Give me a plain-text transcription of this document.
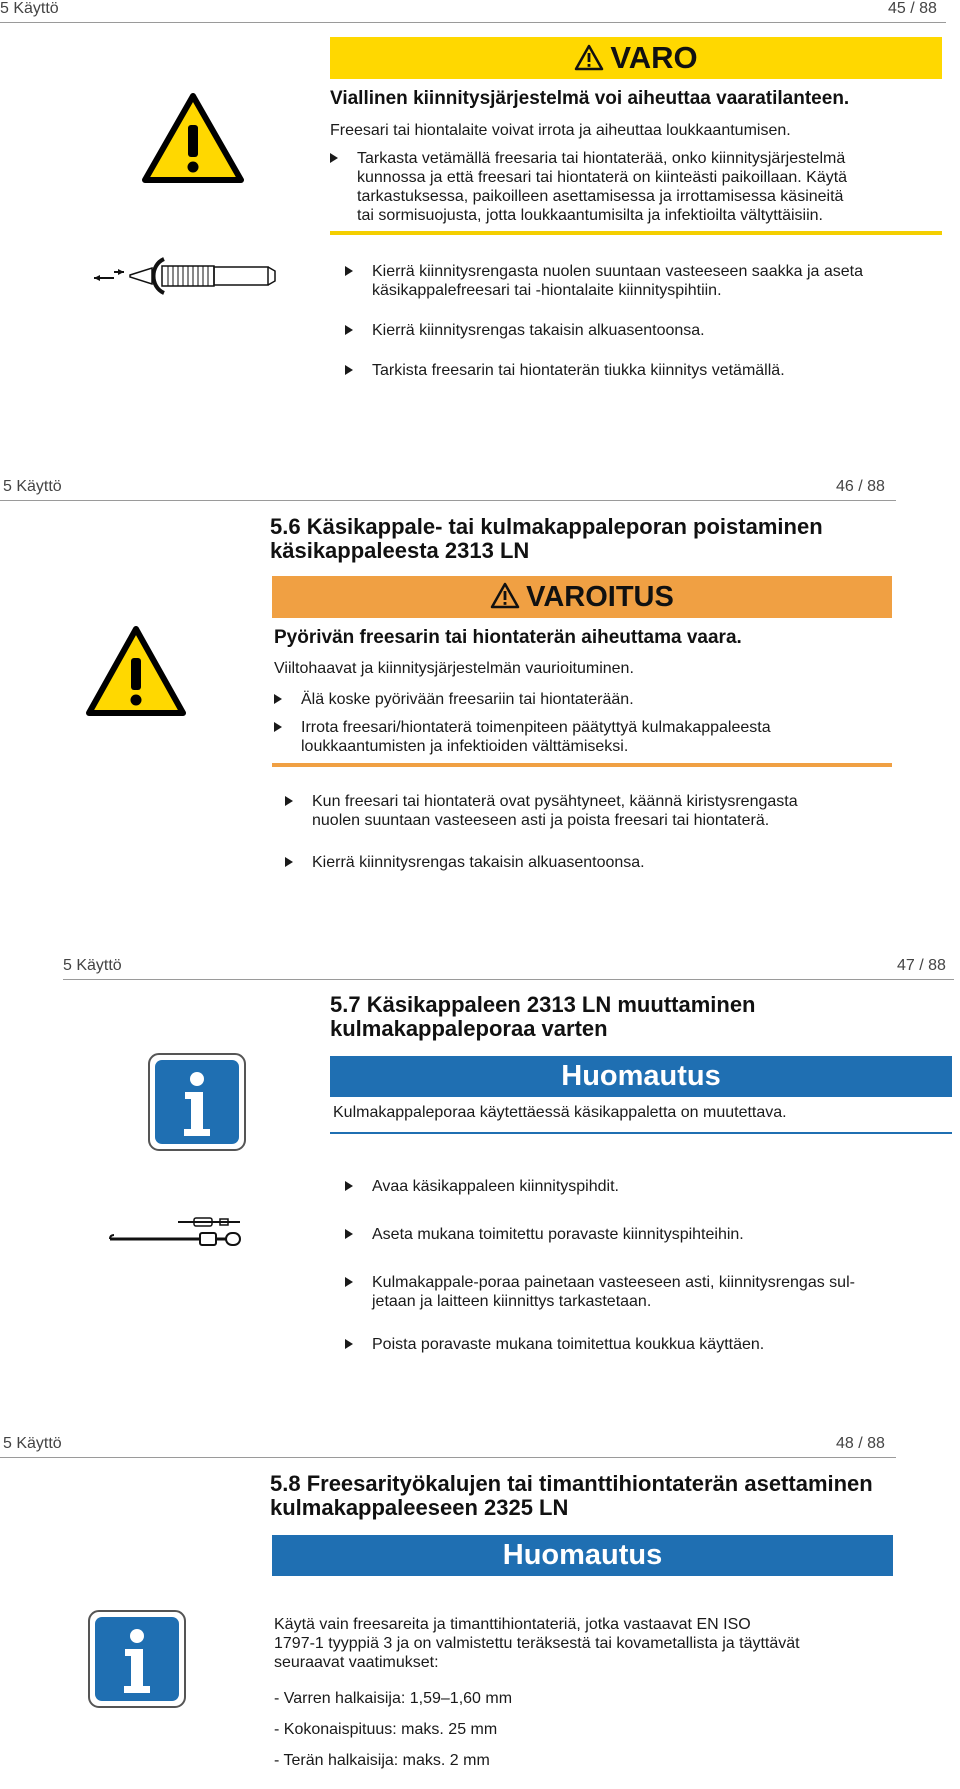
5 Käyttö	45 / 88
VARO
Viallinen kiinnitysjärjestelmä voi aiheuttaa vaaratilanteen.
Freesari tai hiontalaite voivat irrota ja aiheuttaa loukkaantumisen.
Tarkasta vetämällä freesaria tai hiontaterää, onko kiinnitysjärjestelmä
kunnossa ja että freesari tai hiontaterä on kiinteästi paikoillaan. Käytä
tarkastuksessa, paikoilleen asettamisessa ja irrottamisessa käsineitä
tai sormisuojusta, jotta loukkaantumisilta ja infektioilta vältyttäisiin.
Kierrä kiinnitysrengasta nuolen suuntaan vasteeseen saakka ja aseta
käsikappalefreesari tai -hiontalaite kiinnityspihtiin.
Kierrä kiinnitysrengas takaisin alkuasentoonsa.
Tarkista freesarin tai hiontaterän tiukka kiinnitys vetämällä.
5 Käyttö	46 / 88
5.6 Käsikappale- tai kulmakappaleporan poistaminen
käsikappaleesta 2313 LN
VAROITUS
Pyörivän freesarin tai hiontaterän aiheuttama vaara.
Viiltohaavat ja kiinnitysjärjestelmän vaurioituminen.
Älä koske pyörivään freesariin tai hiontaterään.
Irrota freesari/hiontaterä toimenpiteen päätyttyä kulmakappaleesta
loukkaantumisten ja infektioiden välttämiseksi.
Kun freesari tai hiontaterä ovat pysähtyneet, käännä kiristysrengasta
nuolen suuntaan vasteeseen asti ja poista freesari tai hiontaterä.
Kierrä kiinnitysrengas takaisin alkuasentoonsa.
5 Käyttö	47 / 88
5.7 Käsikappaleen 2313 LN muuttaminen
kulmakappaleporaa varten
Huomautus
Kulmakappaleporaa käytettäessä käsikappaletta on muutettava.
Avaa käsikappaleen kiinnityspihdit.
Aseta mukana toimitettu poravaste kiinnityspihteihin.
Kulmakappale-poraa painetaan vasteeseen asti, kiinnitysrengas sul-
jetaan ja laitteen kiinnittys tarkastetaan.
Poista poravaste mukana toimitettua koukkua käyttäen.
5 Käyttö	48 / 88
5.8 Freesarityökalujen tai timanttihiontaterän asettaminen
kulmakappaleeseen 2325 LN
Huomautus
Käytä vain freesareita ja timanttihiontateriä, jotka vastaavat EN ISO
1797-1 tyyppiä 3 ja on valmistettu teräksestä tai kovametallista ja täyttävät
seuraavat vaatimukset:
- Varren halkaisija: 1,59–1,60 mm
- Kokonaispituus: maks. 25 mm
- Terän halkaisija: maks. 2 mm
